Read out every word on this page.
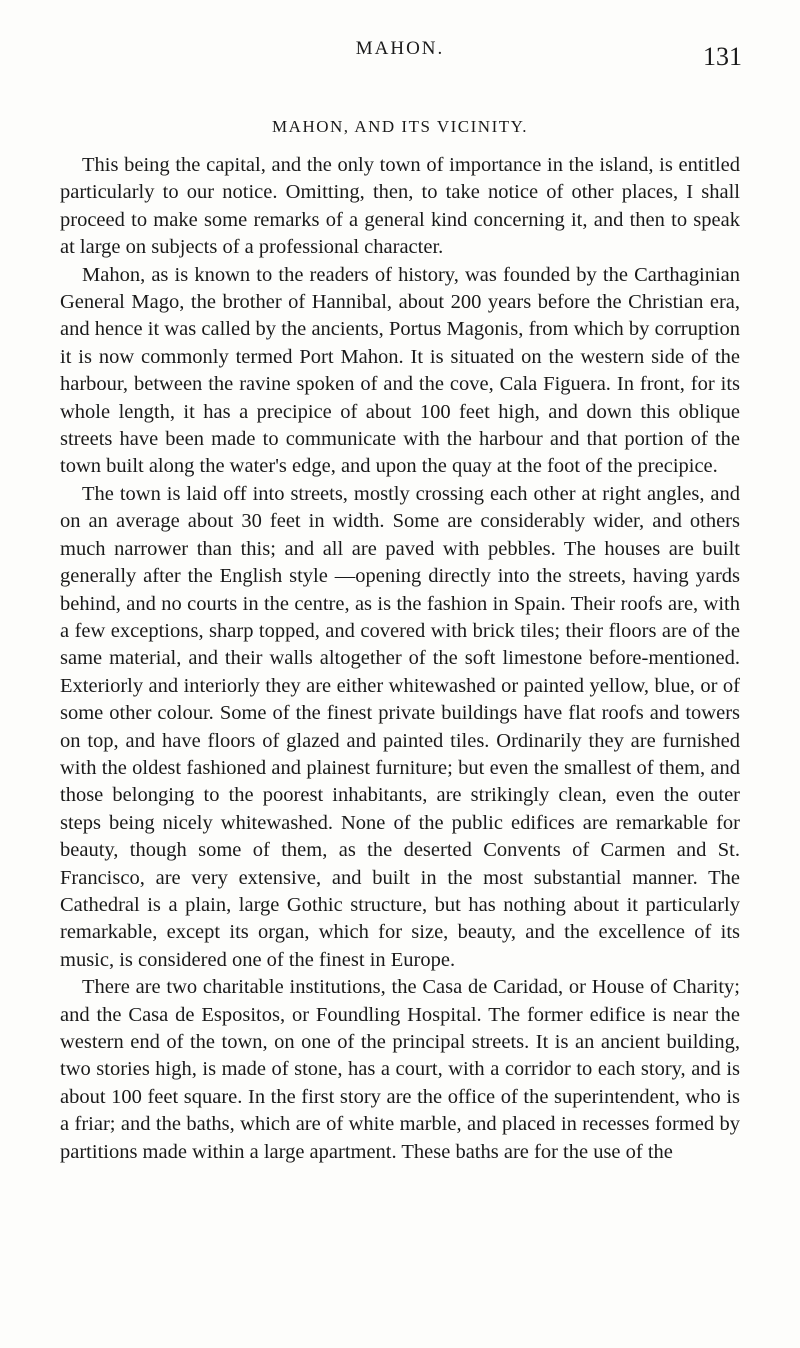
MAHON.	131
MAHON, AND ITS VICINITY.

This being the capital, and the only town of importance in the island, is entitled particularly to our notice. Omitting, then, to take notice of other places, I shall proceed to make some remarks of a general kind concerning it, and then to speak at large on subjects of a professional character.

Mahon, as is known to the readers of history, was founded by the Carthaginian General Mago, the brother of Hannibal, about 200 years before the Christian era, and hence it was called by the ancients, Portus Magonis, from which by corruption it is now commonly termed Port Mahon. It is situated on the western side of the harbour, between the ravine spoken of and the cove, Cala Figuera. In front, for its whole length, it has a precipice of about 100 feet high, and down this oblique streets have been made to communicate with the harbour and that portion of the town built along the water's edge, and upon the quay at the foot of the precipice.

The town is laid off into streets, mostly crossing each other at right angles, and on an average about 30 feet in width. Some are considerably wider, and others much narrower than this; and all are paved with pebbles. The houses are built generally after the English style —opening directly into the streets, having yards behind, and no courts in the centre, as is the fashion in Spain. Their roofs are, with a few exceptions, sharp topped, and covered with brick tiles; their floors are of the same material, and their walls altogether of the soft limestone before-mentioned. Exteriorly and interiorly they are either whitewashed or painted yellow, blue, or of some other colour. Some of the finest private buildings have flat roofs and towers on top, and have floors of glazed and painted tiles. Ordinarily they are furnished with the oldest fashioned and plainest furniture; but even the smallest of them, and those belonging to the poorest inhabitants, are strikingly clean, even the outer steps being nicely whitewashed. None of the public edifices are remarkable for beauty, though some of them, as the deserted Convents of Carmen and St. Francisco, are very extensive, and built in the most substantial manner. The Cathedral is a plain, large Gothic structure, but has nothing about it particularly remarkable, except its organ, which for size, beauty, and the excellence of its music, is considered one of the finest in Europe.

There are two charitable institutions, the Casa de Caridad, or House of Charity; and the Casa de Espositos, or Foundling Hospital. The former edifice is near the western end of the town, on one of the principal streets. It is an ancient building, two stories high, is made of stone, has a court, with a corridor to each story, and is about 100 feet square. In the first story are the office of the superintendent, who is a friar; and the baths, which are of white marble, and placed in recesses formed by partitions made within a large apartment. These baths are for the use of the
